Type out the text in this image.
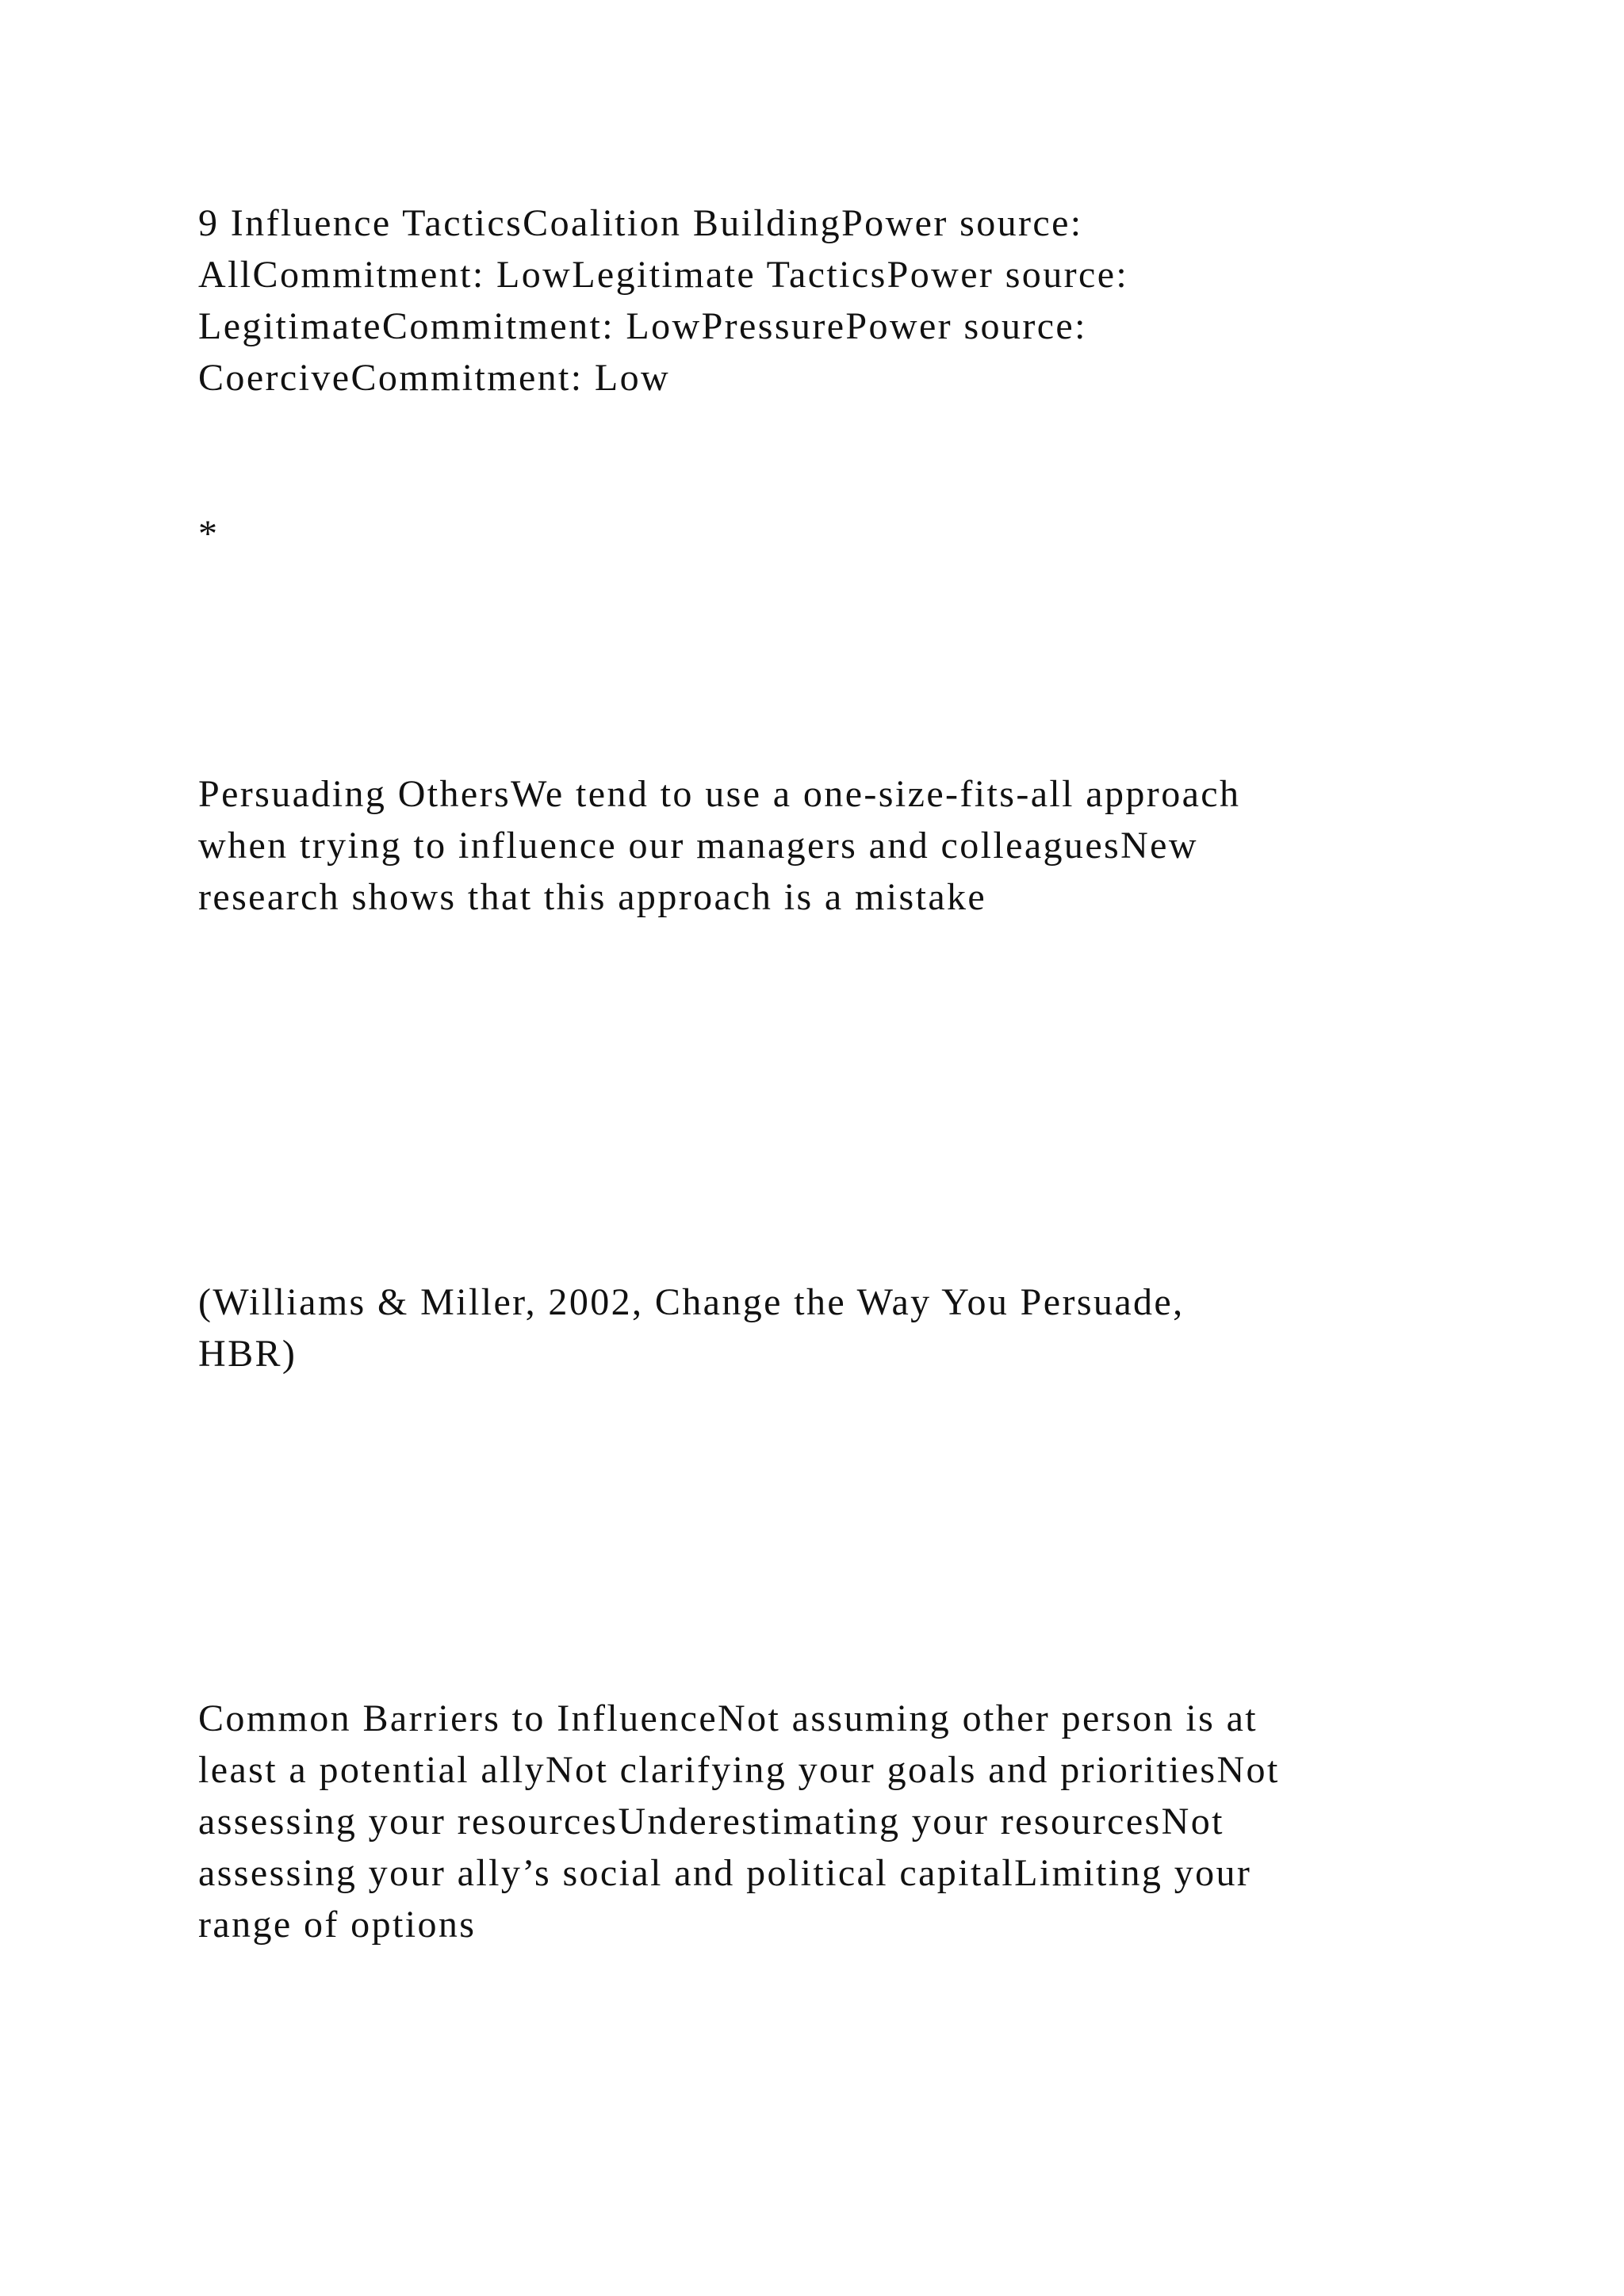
9 Influence TacticsCoalition BuildingPower source:
AllCommitment: LowLegitimate TacticsPower source:
LegitimateCommitment: LowPressurePower source:
CoerciveCommitment: Low
*
Persuading OthersWe tend to use a one-size-fits-all approach
when trying to influence our managers and colleaguesNew
research shows that this approach is a mistake
(Williams & Miller, 2002, Change the Way You Persuade,
HBR)
Common Barriers to InfluenceNot assuming other person is at
least a potential allyNot clarifying your goals and prioritiesNot
assessing your resourcesUnderestimating your resourcesNot
assessing your ally’s social and political capitalLimiting your
range of options
